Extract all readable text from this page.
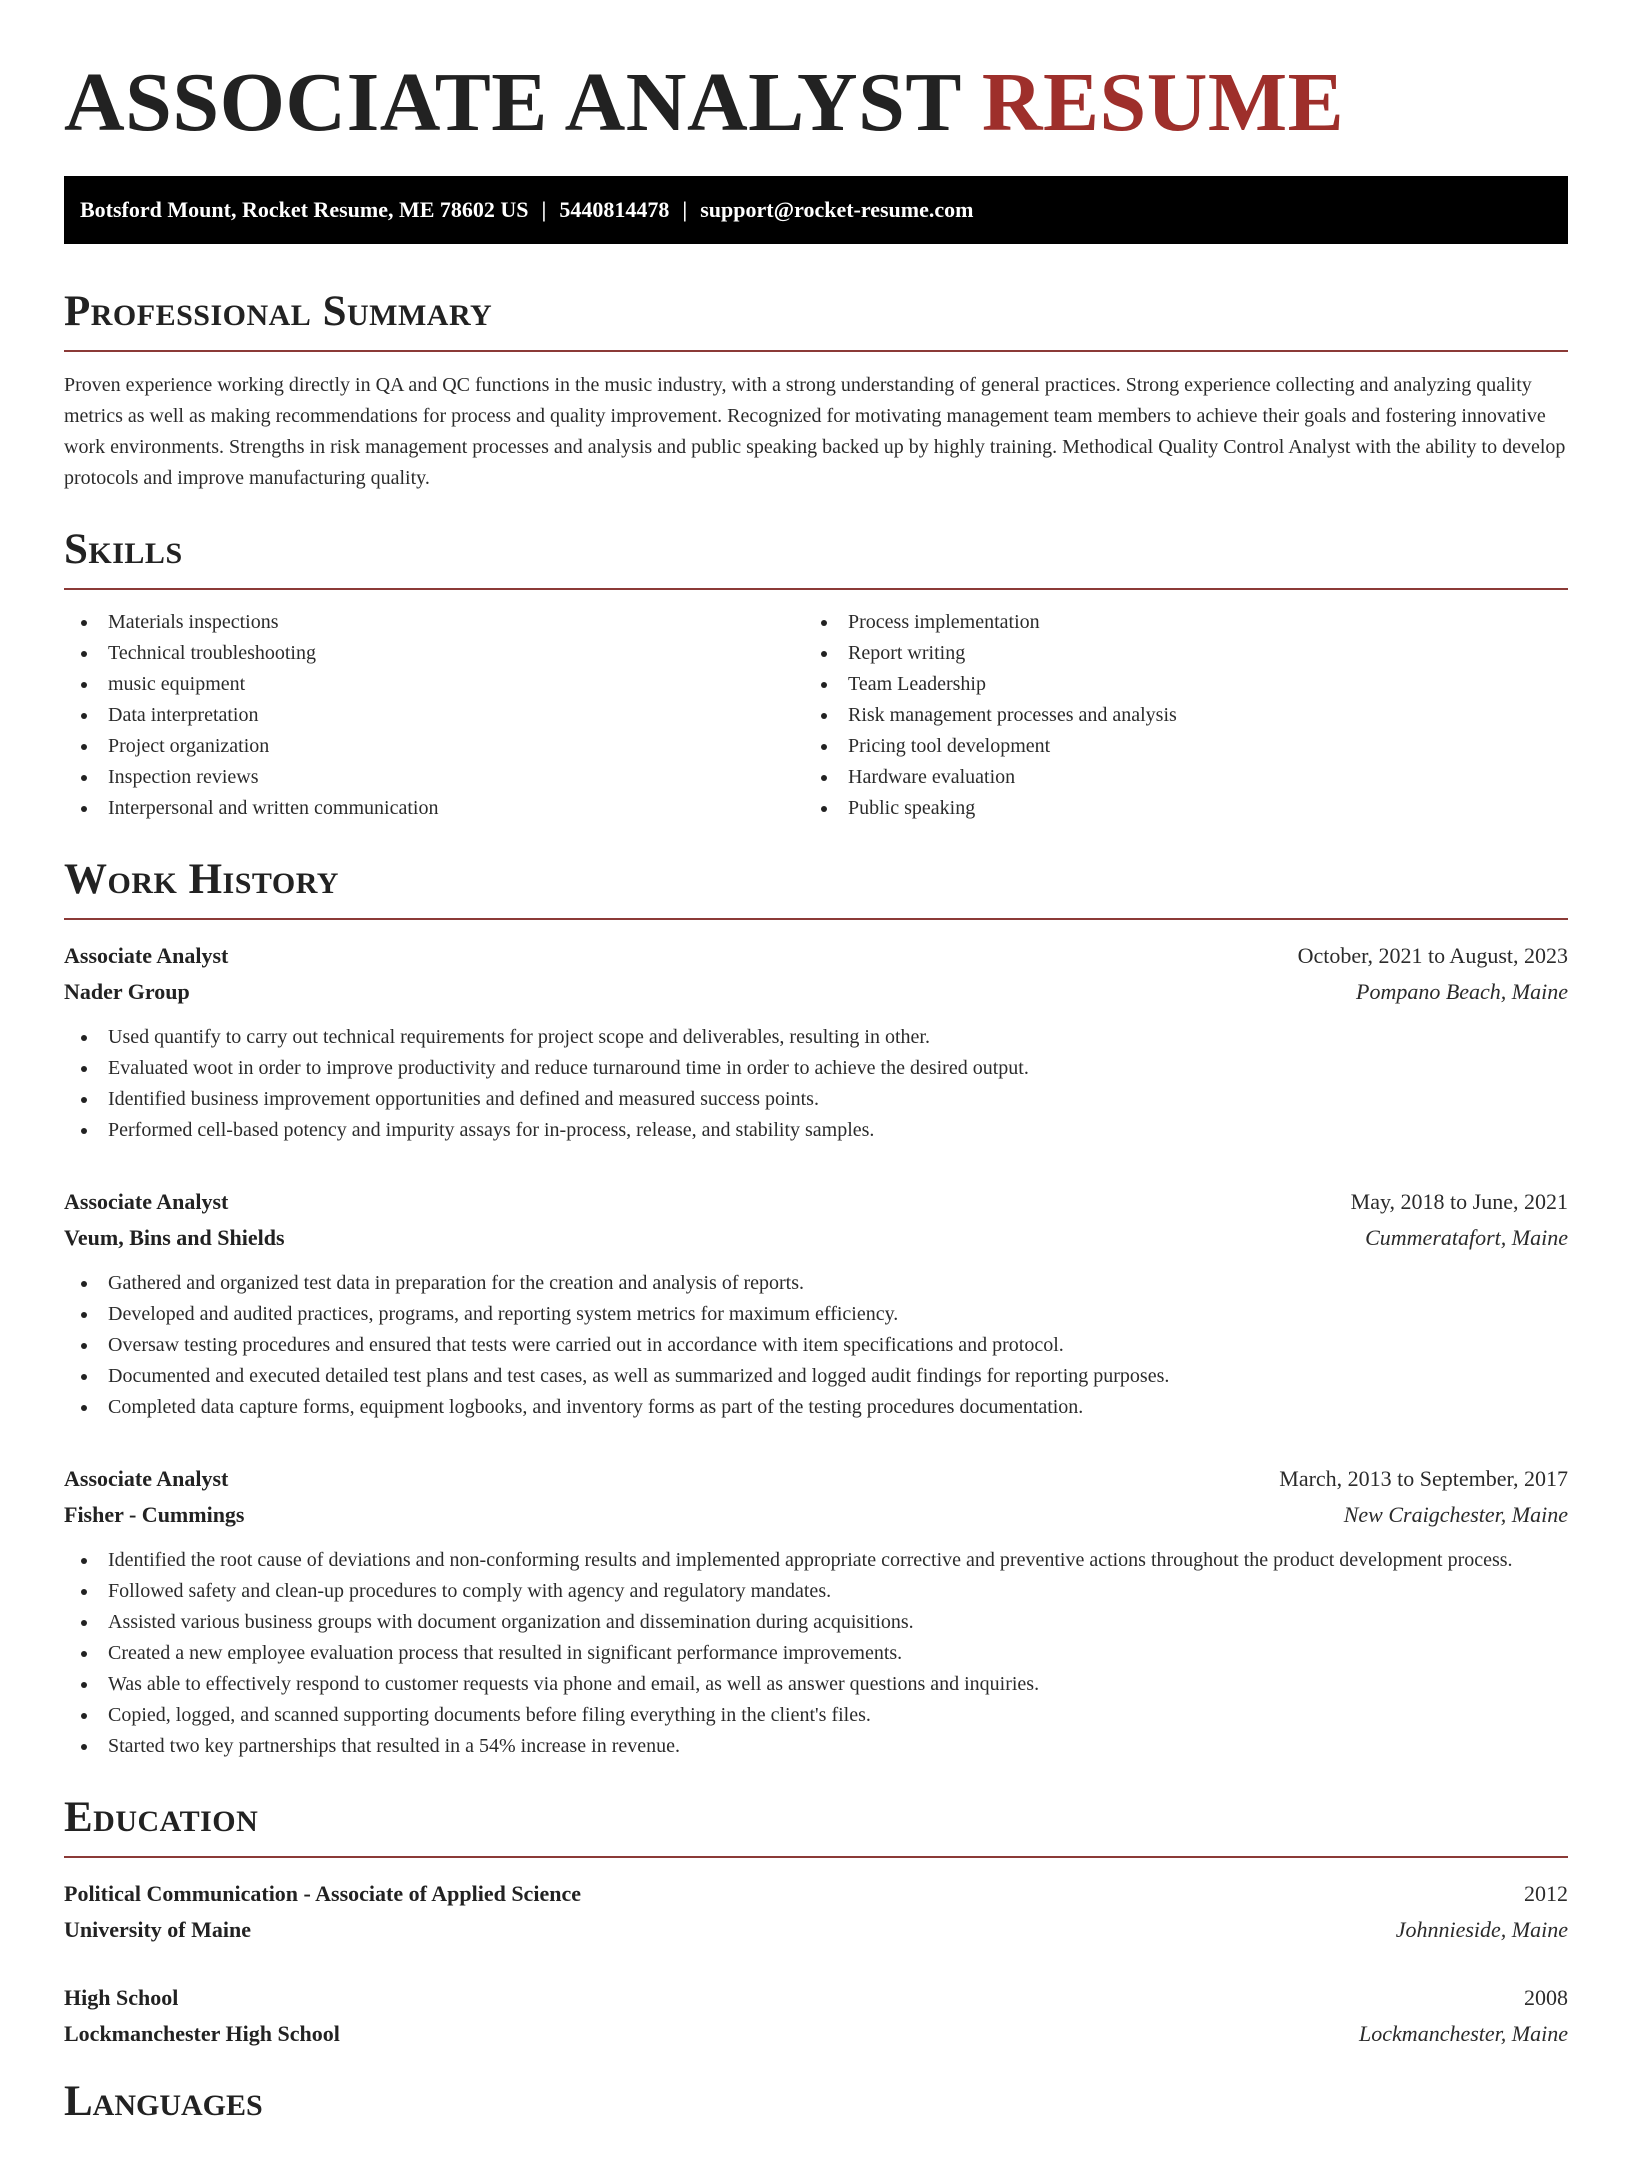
ASSOCIATE ANALYST RESUME
Botsford Mount, Rocket Resume, ME 78602 US | 5440814478 | support@rocket-resume.com
Professional Summary

Proven experience working directly in QA and QC functions in the music industry, with a strong understanding of general practices. Strong experience collecting and analyzing quality metrics as well as making recommendations for process and quality improvement. Recognized for motivating management team members to achieve their goals and fostering innovative work environments. Strengths in risk management processes and analysis and public speaking backed up by highly training. Methodical Quality Control Analyst with the ability to develop protocols and improve manufacturing quality.

Skills
Materials inspections
Technical troubleshooting
music equipment
Data interpretation
Project organization
Inspection reviews
Interpersonal and written communication
Process implementation
Report writing
Team Leadership
Risk management processes and analysis
Pricing tool development
Hardware evaluation
Public speaking
Work History
Associate Analyst	October, 2021 to August, 2023
Nader Group	Pompano Beach, Maine
Used quantify to carry out technical requirements for project scope and deliverables, resulting in other.
Evaluated woot in order to improve productivity and reduce turnaround time in order to achieve the desired output.
Identified business improvement opportunities and defined and measured success points.
Performed cell-based potency and impurity assays for in-process, release, and stability samples.
Associate Analyst	May, 2018 to June, 2021
Veum, Bins and Shields	Cummeratafort, Maine
Gathered and organized test data in preparation for the creation and analysis of reports.
Developed and audited practices, programs, and reporting system metrics for maximum efficiency.
Oversaw testing procedures and ensured that tests were carried out in accordance with item specifications and protocol.
Documented and executed detailed test plans and test cases, as well as summarized and logged audit findings for reporting purposes.
Completed data capture forms, equipment logbooks, and inventory forms as part of the testing procedures documentation.
Associate Analyst	March, 2013 to September, 2017
Fisher - Cummings	New Craigchester, Maine
Identified the root cause of deviations and non-conforming results and implemented appropriate corrective and preventive actions throughout the product development process.
Followed safety and clean-up procedures to comply with agency and regulatory mandates.
Assisted various business groups with document organization and dissemination during acquisitions.
Created a new employee evaluation process that resulted in significant performance improvements.
Was able to effectively respond to customer requests via phone and email, as well as answer questions and inquiries.
Copied, logged, and scanned supporting documents before filing everything in the client's files.
Started two key partnerships that resulted in a 54% increase in revenue.
Education
Political Communication - Associate of Applied Science	2012
University of Maine	Johnnieside, Maine
High School	2008
Lockmanchester High School	Lockmanchester, Maine
Languages
